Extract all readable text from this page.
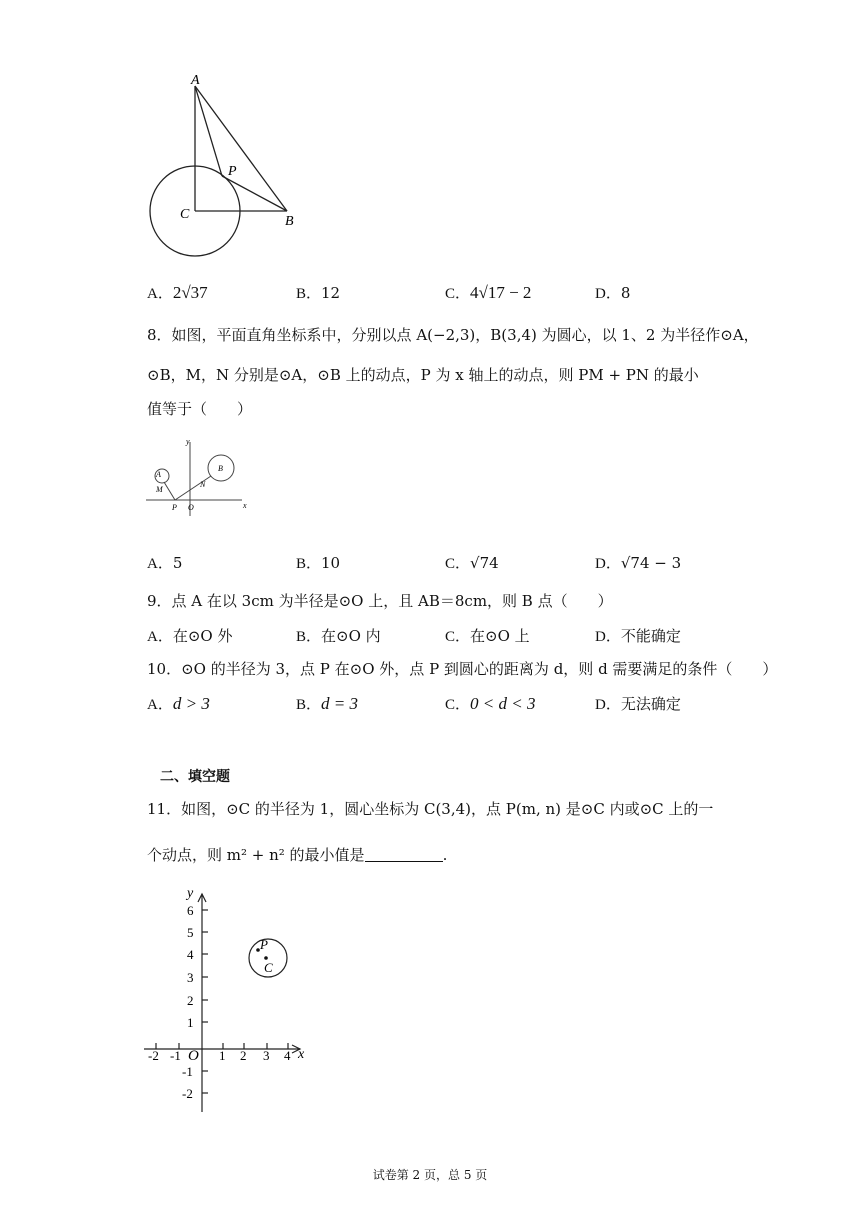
A
P
C	B
A．2√37	B．12	C．4√17 − 2	D．8
8．如图，平面直角坐标系中，分别以点 A(−2,3)，B(3,4) 为圆心，以 1、2 为半径作⊙A，
⊙B，M，N 分别是⊙A，⊙B 上的动点，P 为 x 轴上的动点，则 PM + PN 的最小
值等于（　　）
y
x
O
P
M
N
A
B
A．5	B．10	C．√74	D．√74 − 3
9．点 A 在以 3cm 为半径是⊙O 上，且 AB＝8cm，则 B 点（　　）
A．在⊙O 外	B．在⊙O 内	C．在⊙O 上	D．不能确定
10．⊙O 的半径为 3，点 P 在⊙O 外，点 P 到圆心的距离为 d，则 d 需要满足的条件（　　）
A．d > 3	B．d = 3	C．0 < d < 3	D．无法确定
二、填空题
11．如图，⊙C 的半径为 1，圆心坐标为 C(3,4)，点 P(m, n) 是⊙C 内或⊙C 上的一
个动点，则 m² + n² 的最小值是	.
P
C
y
x
O
6
5
4
3
2
1
-1
-2
-2 -1	1 2 3 4
试卷第 2 页，总 5 页
